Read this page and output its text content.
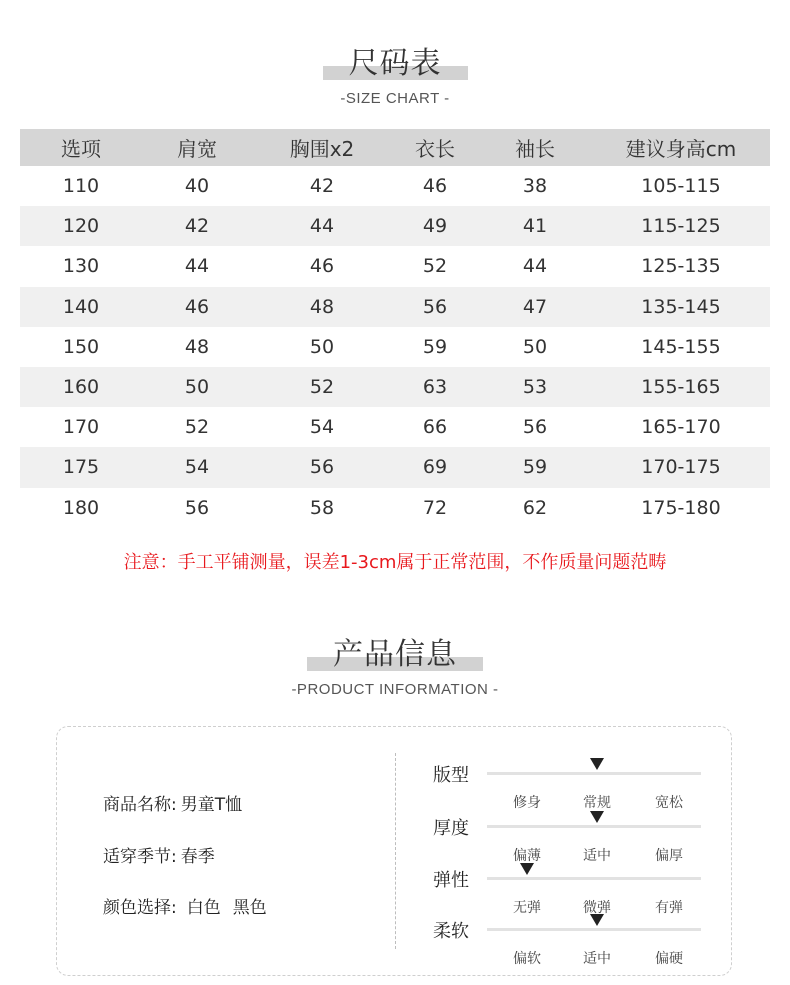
尺码表
-SIZE CHART -
选项	肩宽	胸围x2	衣长	袖长	建议身高cm
110	40	42	46	38	105-115
120	42	44	49	41	115-125
130	44	46	52	44	125-135
140	46	48	56	47	135-145
150	48	50	59	50	145-155
160	50	52	63	53	155-165
170	52	54	66	56	165-170
175	54	56	69	59	170-175
180	56	58	72	62	175-180
注意：手工平铺测量，误差1-3cm属于正常范围，不作质量问题范畴
产品信息
-PRODUCT INFORMATION -
商品名称: 男童T恤
适穿季节: 春季
颜色选择: 白色 黑色
版型
修身	常规	宽松
厚度
偏薄	适中	偏厚
弹性
无弹	微弹	有弹
柔软
偏软	适中	偏硬
